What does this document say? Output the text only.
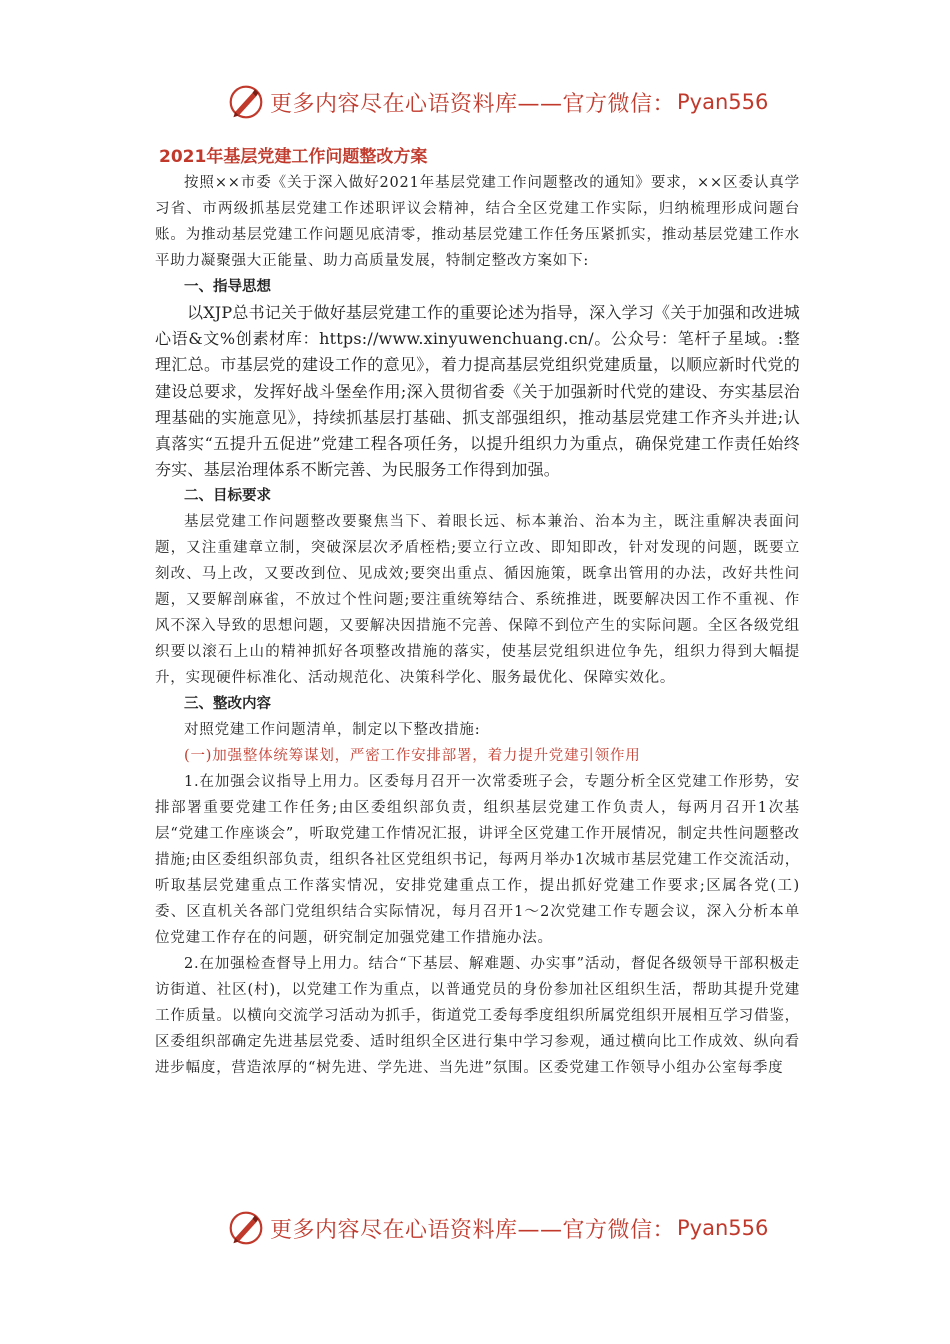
更多内容尽在心语资料库——官方微信： Pyan556
2021年基层党建工作问题整改方案

按照××市委《关于深入做好2021年基层党建工作问题整改的通知》要求，××区委认真学习省、市两级抓基层党建工作述职评议会精神，结合全区党建工作实际，归纳梳理形成问题台账。为推动基层党建工作问题见底清零，推动基层党建工作任务压紧抓实，推动基层党建工作水平助力凝聚强大正能量、助力高质量发展，特制定整改方案如下:

一、指导思想

以XJP总书记关于做好基层党建工作的重要论述为指导，深入学习《关于加强和改进城心语&文%创素材库：https://www.xinyuwenchuang.cn/。公众号：笔杆子星域。:整理汇总。市基层党的建设工作的意见》，着力提高基层党组织党建质量，以顺应新时代党的建设总要求，发挥好战斗堡垒作用;深入贯彻省委《关于加强新时代党的建设、夯实基层治理基础的实施意见》，持续抓基层打基础、抓支部强组织，推动基层党建工作齐头并进;认真落实“五提升五促进”党建工程各项任务，以提升组织力为重点，确保党建工作责任始终夯实、基层治理体系不断完善、为民服务工作得到加强。

二、目标要求

基层党建工作问题整改要聚焦当下、着眼长远、标本兼治、治本为主，既注重解决表面问题，又注重建章立制，突破深层次矛盾桎梏;要立行立改、即知即改，针对发现的问题，既要立刻改、马上改，又要改到位、见成效;要突出重点、循因施策，既拿出管用的办法，改好共性问题，又要解剖麻雀，不放过个性问题;要注重统筹结合、系统推进，既要解决因工作不重视、作风不深入导致的思想问题，又要解决因措施不完善、保障不到位产生的实际问题。全区各级党组织要以滚石上山的精神抓好各项整改措施的落实，使基层党组织进位争先，组织力得到大幅提升，实现硬件标准化、活动规范化、决策科学化、服务最优化、保障实效化。

三、整改内容

对照党建工作问题清单，制定以下整改措施:

(一)加强整体统筹谋划，严密工作安排部署，着力提升党建引领作用

1.在加强会议指导上用力。区委每月召开一次常委班子会，专题分析全区党建工作形势，安排部署重要党建工作任务;由区委组织部负责，组织基层党建工作负责人，每两月召开1次基层“党建工作座谈会”，听取党建工作情况汇报，讲评全区党建工作开展情况，制定共性问题整改措施;由区委组织部负责，组织各社区党组织书记，每两月举办1次城市基层党建工作交流活动，听取基层党建重点工作落实情况，安排党建重点工作，提出抓好党建工作要求;区属各党(工)委、区直机关各部门党组织结合实际情况，每月召开1～2次党建工作专题会议，深入分析本单位党建工作存在的问题，研究制定加强党建工作措施办法。

2.在加强检查督导上用力。结合“下基层、解难题、办实事”活动，督促各级领导干部积极走访街道、社区(村)，以党建工作为重点，以普通党员的身份参加社区组织生活，帮助其提升党建工作质量。以横向交流学习活动为抓手，街道党工委每季度组织所属党组织开展相互学习借鉴，区委组织部确定先进基层党委、适时组织全区进行集中学习参观，通过横向比工作成效、纵向看进步幅度，营造浓厚的“树先进、学先进、当先进”氛围。区委党建工作领导小组办公室每季度

更多内容尽在心语资料库——官方微信： Pyan556
